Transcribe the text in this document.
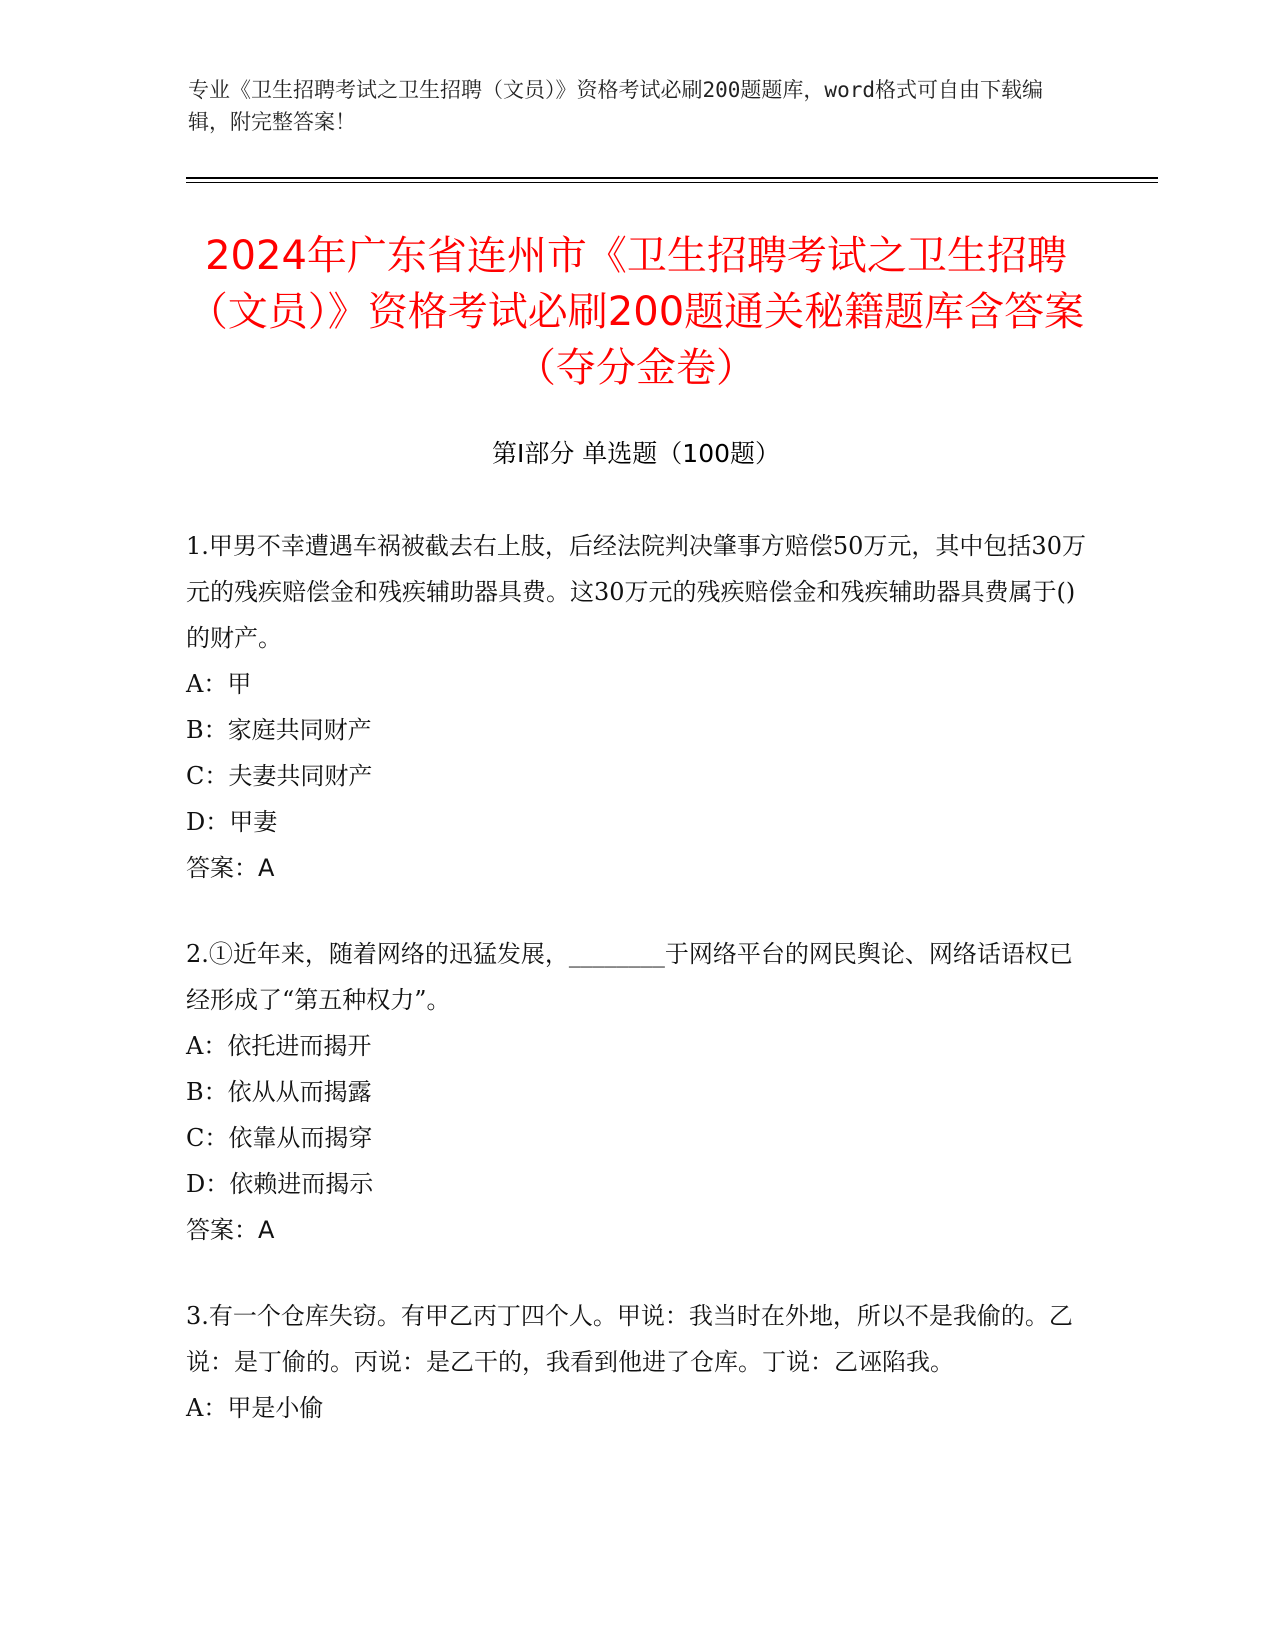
专业《卫生招聘考试之卫生招聘（文员）》资格考试必刷200题题库，word格式可自由下载编辑，附完整答案！
2024年广东省连州市《卫生招聘考试之卫生招聘（文员）》资格考试必刷200题通关秘籍题库含答案（夺分金卷）
第Ⅰ部分 单选题（100题）
1.甲男不幸遭遇车祸被截去右上肢，后经法院判决肇事方赔偿50万元，其中包括30万元的残疾赔偿金和残疾辅助器具费。这30万元的残疾赔偿金和残疾辅助器具费属于()的财产。
A：甲
B：家庭共同财产
C：夫妻共同财产
D：甲妻
答案：A
2.①近年来，随着网络的迅猛发展，________于网络平台的网民舆论、网络话语权已经形成了“第五种权力”。
A：依托进而揭开
B：依从从而揭露
C：依靠从而揭穿
D：依赖进而揭示
答案：A
3.有一个仓库失窃。有甲乙丙丁四个人。甲说：我当时在外地，所以不是我偷的。乙说：是丁偷的。丙说：是乙干的，我看到他进了仓库。丁说：乙诬陷我。
A：甲是小偷
